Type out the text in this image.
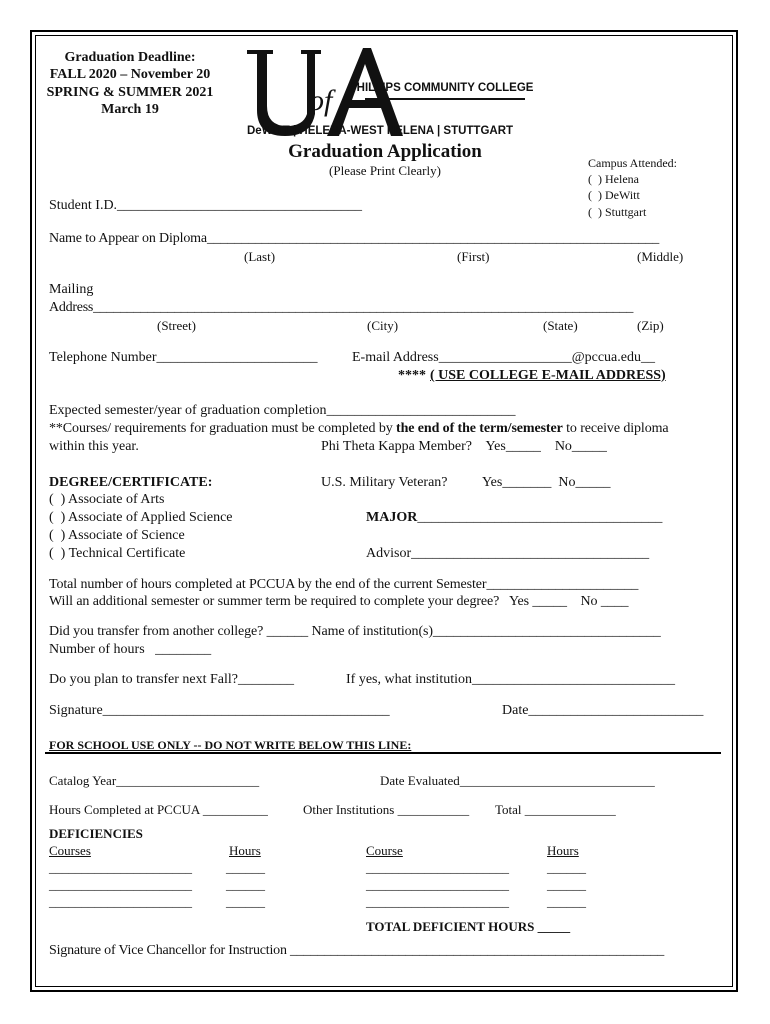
Graduation Deadline:
FALL 2020 – November 20
SPRING & SUMMER 2021
March 19	of	PHILLIPS COMMUNITY COLLEGE
DeWITT | HELENA-WEST HELENA | STUTTGART
Graduation Application
(Please Print Clearly)	Campus Attended:
(  ) Helena
(  ) DeWitt
(  ) Stuttgart
Student I.D.___________________________________
Name to Appear on Diploma__________________________________________________________________
(Last)	(First)	(Middle)
Mailing
Address________________________________________________________________________________
(Street)	(City)	(State)	(Zip)
Telephone Number_______________________ E-mail Address___________________@pccua.edu__
**** ( USE COLLEGE E-MAIL ADDRESS)
Expected semester/year of graduation completion___________________________
**Courses/ requirements for graduation must be completed by the end of the term/semester to receive diploma
within this year.	Phi Theta Kappa Member?    Yes_____    No_____
DEGREE/CERTIFICATE:	U.S. Military Veteran?          Yes_______  No_____
(  ) Associate of Arts
(  ) Associate of Applied Science
(  ) Associate of Science
(  ) Technical Certificate
MAJOR___________________________________
Advisor__________________________________
Total number of hours completed at PCCUA by the end of the current Semester______________________
Will an additional semester or summer term be required to complete your degree?   Yes _____    No ____
Did you transfer from another college? ______ Name of institution(s)_________________________________
Number of hours   ________
Do you plan to transfer next Fall?________	If yes, what institution_____________________________
Signature_________________________________________	Date_________________________
FOR SCHOOL USE ONLY -- DO NOT WRITE BELOW THIS LINE:
Catalog Year______________________	Date Evaluated______________________________
Hours Completed at PCCUA __________	Other Institutions ___________ Total ______________
DEFICIENCIES
Courses	Hours	Course	Hours
______________________	______	______________________	______
______________________	______	______________________	______
______________________	______	______________________	______
TOTAL DEFICIENT HOURS _____
Signature of Vice Chancellor for Instruction _______________________________________________________
